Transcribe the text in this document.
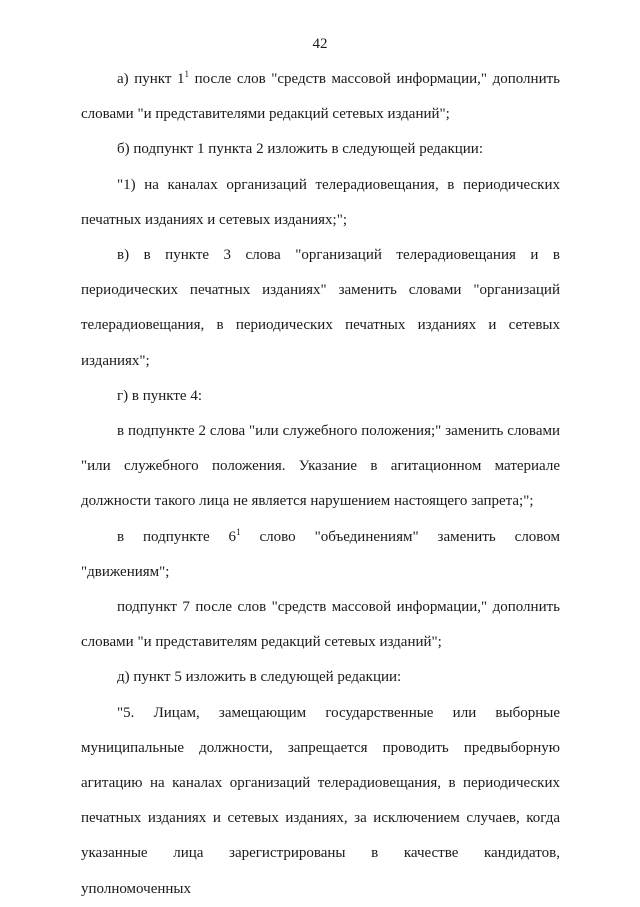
42

а) пункт $1^1$ после слов "средств массовой информации," дополнить словами "и представителями редакций сетевых изданий";

б) подпункт 1 пункта 2 изложить в следующей редакции:

"1) на каналах организаций телерадиовещания, в периодических печатных изданиях и сетевых изданиях;";

в) в пункте 3 слова "организаций телерадиовещания и в периодических печатных изданиях" заменить словами "организаций телерадиовещания, в периодических печатных изданиях и сетевых изданиях";

г) в пункте 4:

в подпункте 2 слова "или служебного положения;" заменить словами "или служебного положения. Указание в агитационном материале должности такого лица не является нарушением настоящего запрета;";

в подпункте $6^1$ слово "объединениям" заменить словом "движениям";

подпункт 7 после слов "средств массовой информации," дополнить словами "и представителям редакций сетевых изданий";

д) пункт 5 изложить в следующей редакции:

"5. Лицам, замещающим государственные или выборные муниципальные должности, запрещается проводить предвыборную агитацию на каналах организаций телерадиовещания, в периодических печатных изданиях и сетевых изданиях, за исключением случаев, когда указанные лица зарегистрированы в качестве кандидатов, уполномоченных
